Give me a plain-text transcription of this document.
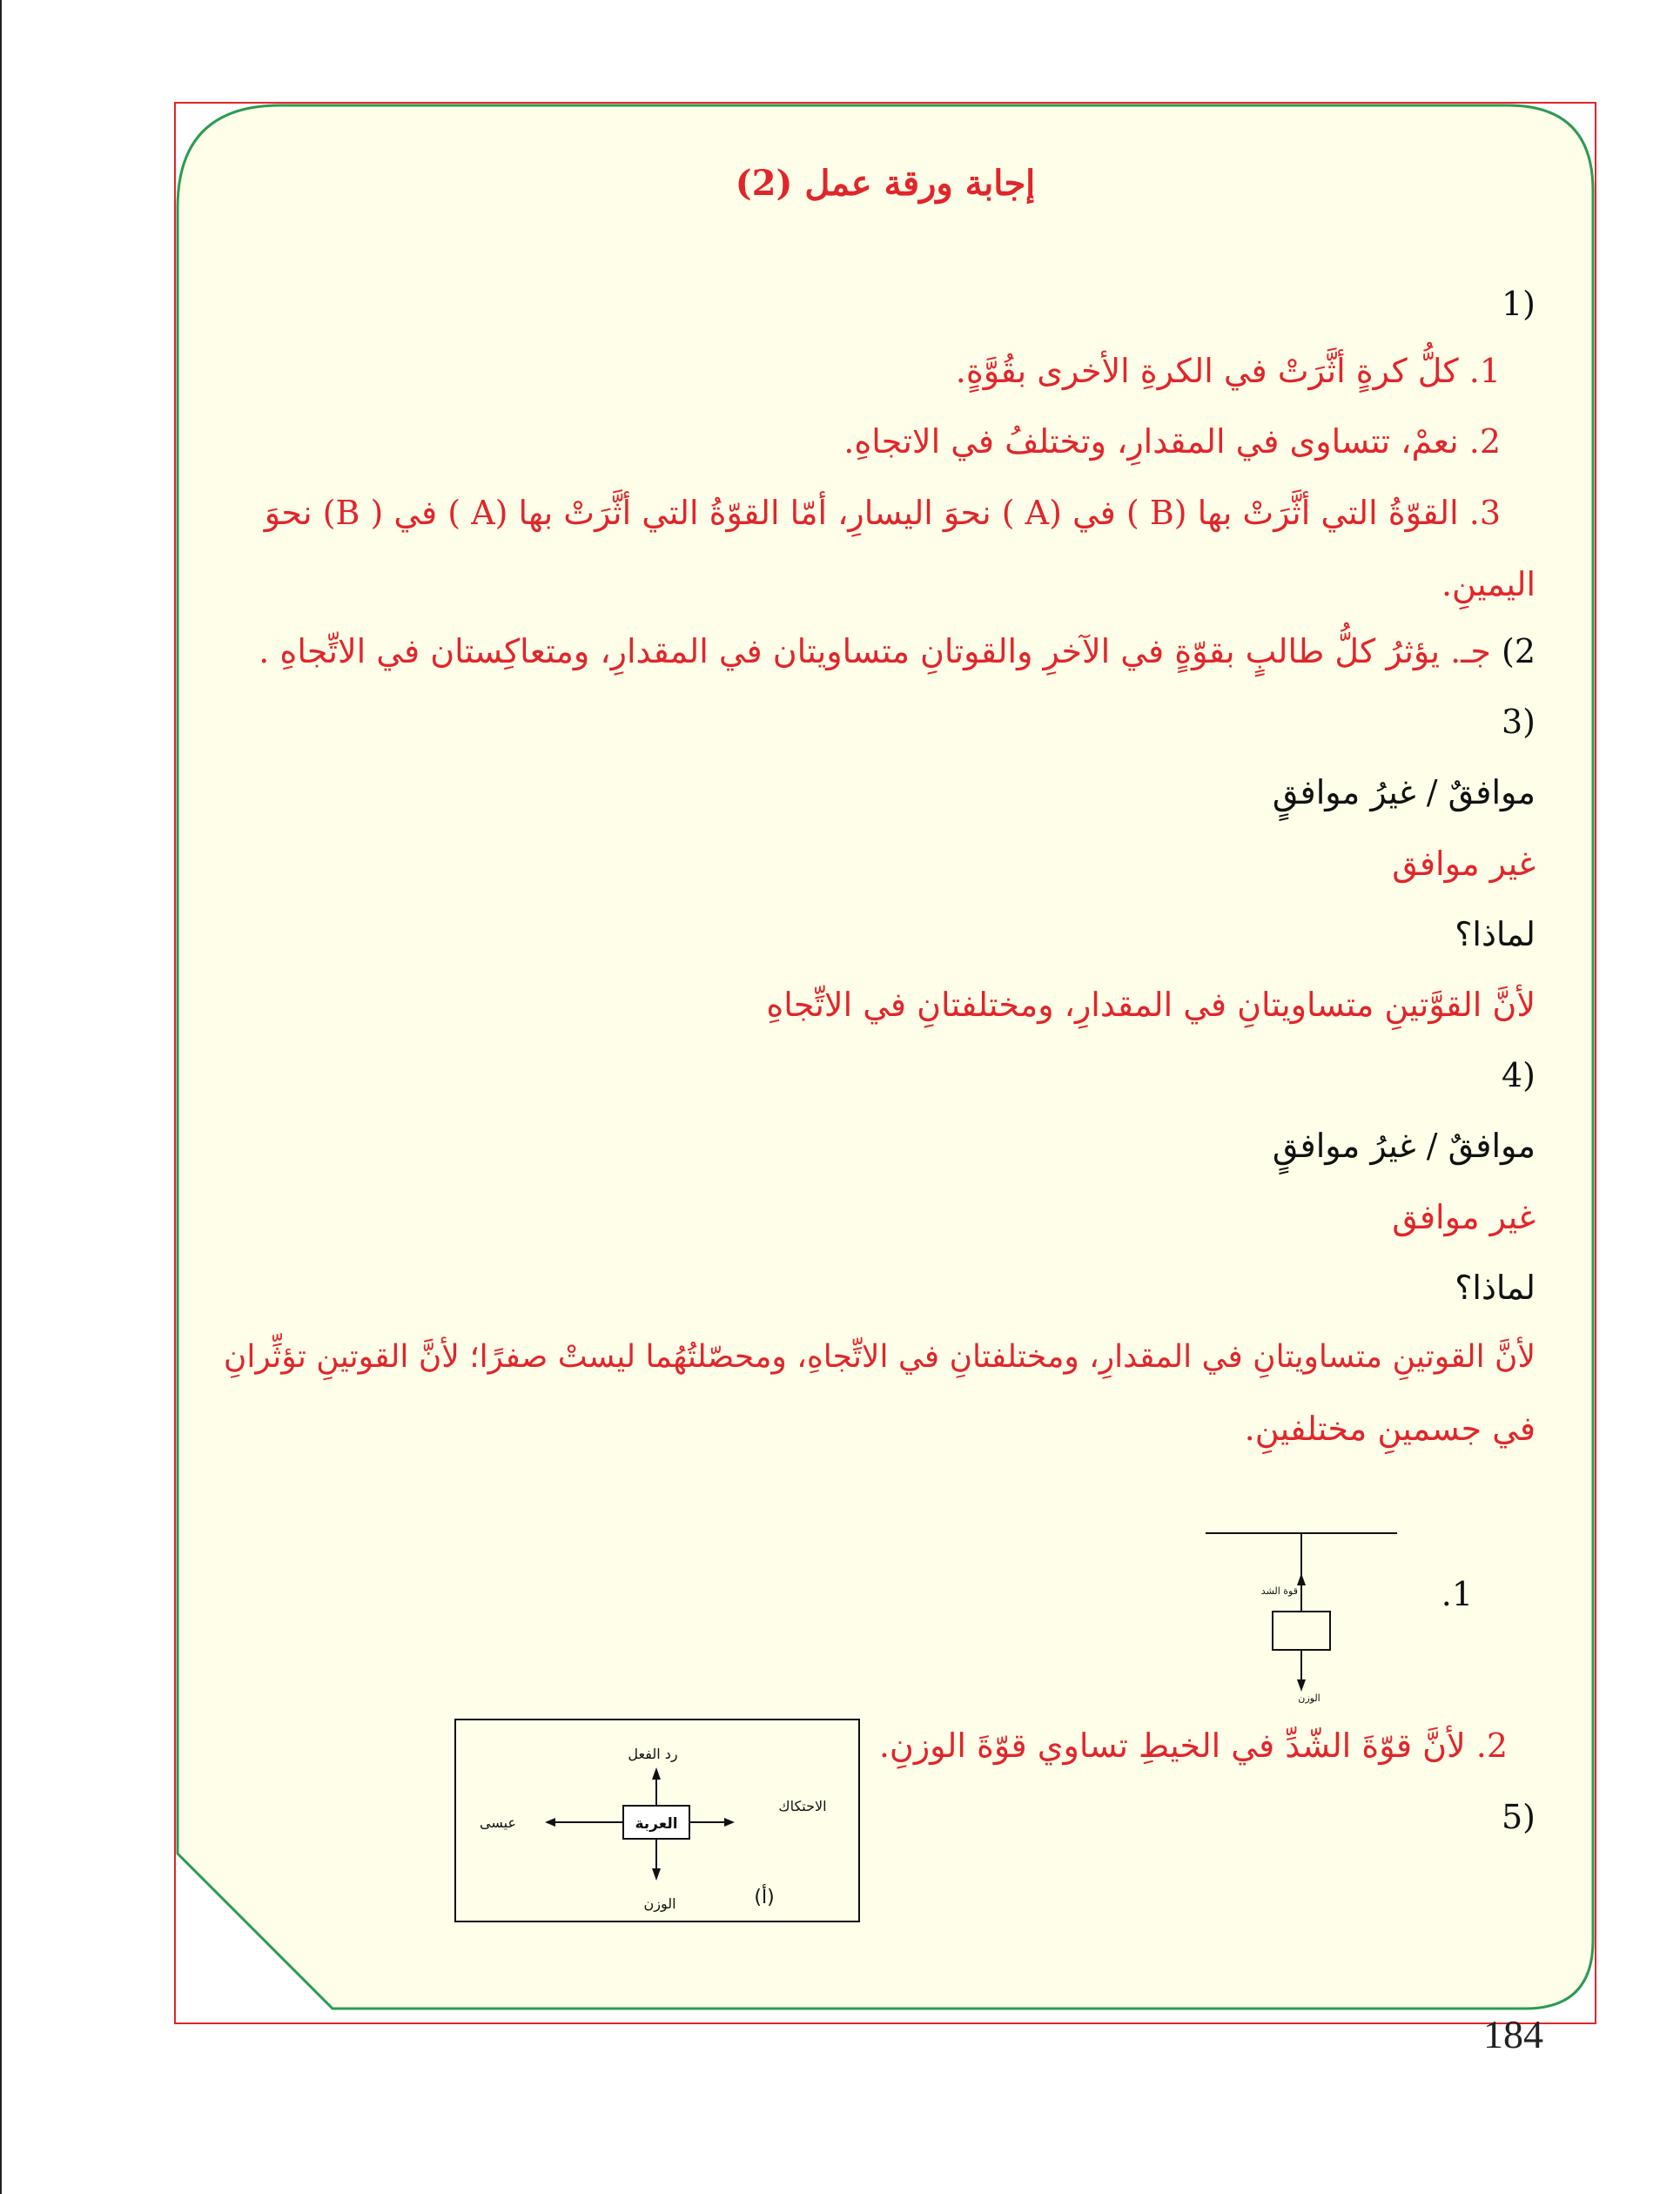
إجابة ورقة عمل (2)
(1
1. كلُّ كرةٍ أثَّرَتْ في الكرةِ الأخرى بقُوَّةٍ.
2. نعمْ، تتساوى في المقدارِ، وتختلفُ في الاتجاهِ.
3. القوّةُ التي أثَّرَتْ بها (B ) في (A ) نحوَ اليسارِ، أمّا القوّةُ التي أثَّرَتْ بها (A ) في ( B) نحوَ
اليمينِ.
2) جـ. يؤثرُ كلُّ طالبٍ بقوّةٍ في الآخرِ والقوتانِ متساويتان في المقدارِ، ومتعاكِستان في الاتِّجاهِ .
(3
موافقٌ / غيرُ موافقٍ
غير موافق
لماذا؟
لأنَّ القوَّتينِ متساويتانِ في المقدارِ، ومختلفتانِ في الاتِّجاهِ
(4
موافقٌ / غيرُ موافقٍ
غير موافق
لماذا؟
لأنَّ القوتينِ متساويتانِ في المقدارِ، ومختلفتانِ في الاتِّجاهِ، ومحصّلتُهُما ليستْ صفرًا؛ لأنَّ القوتينِ تؤثِّرانِ
في جسمينِ مختلفينِ.
1.
2. لأنَّ قوّةَ الشّدِّ في الخيطِ تساوي قوّةَ الوزنِ.
(5
قوة الشد
الوزن
رد الفعل
العربة
عيسى
الاحتكاك
الوزن	(أ)
184
